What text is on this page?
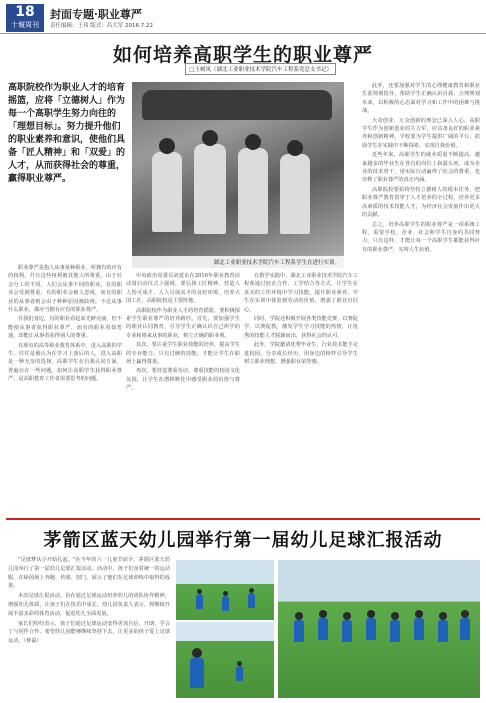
18
十堰周刊
封面专题·职业尊严
责任编辑：王玮 版式：昌大军 2016.7.22
如何培养高职学生的职业尊严
□王树凤（湖北工业职业技术学院汽车工程系党总支书记）

高职院校作为职业人才的培育摇篮，应将「立德树人」作为每一个高职学生努力向往的「理想目标」。努力提升他们的职业素养和意识，使他们具备「匠人精神」和「双爱」的人才，从而获得社会的尊重，赢得职业尊严。

湖北工业职业技术学院汽车工程系学生在进行实训。

职业尊严是指人从事某种职业，所拥有的应有的权利，并且这些权利被其他人所尊重。由于社会分工的不同，人们会从事不同的职业，有的职业会受到尊重，有的职业会被人忽视，而有的职业的从事者则会由于种种原因被歧视。不论从事什么职业，都应当拥有应有的职业尊严。

在我们身边，有的职业看起来光鲜亮丽，但不能使从事者获得职业尊严，而有的职业看似普通，却能让从事者获得别人的尊重。

在现有的高等职业教育体系中，进入高职的学生，往往是被认为在学习上落后的人，进入高职是一种无奈的选择。高职学生在自我认同方面，普遍存在一些问题。如何让高职学生获得职业尊严，是高职教育工作者需要思考的问题。

中央政治局委员刘延东在2016年职业教育活动周启动仪式上强调，要弘扬工匠精神，营造人人皆可成才、人人尽展其才的良好环境。培养大国工匠，高职院校是主要阵地。

高职院校作为职业人才的培育摇篮，要积极探索学生职业尊严的培养路径。首先，要加强学生的职业认同教育，引导学生正确认识自己所学的专业和将来从事的职业，树立正确的职业观。

其次，要注重学生职业技能的培养，提高学生的专业能力。只有过硬的技能，才能让学生在职场上赢得尊重。

再次，要营造尊重劳动、尊重技能的校园文化氛围，让学生在潜移默化中感受职业的价值与尊严。

在教学实践中，湖北工业职业技术学院汽车工程系通过校企合作、工学结合等方式，让学生在真实的工作环境中学习技能，提升职业素养。学生在实训中体验到劳动的价值，增强了职业自信心。

同时，学院还积极开展各类技能竞赛，以赛促学、以赛促教，激发学生学习技能的热情，让优秀的技能人才脱颖而出，获得社会的认可。

此外，学院邀请优秀毕业生、行业技术能手走进校园，分享成长经历，用身边的榜样引导学生树立职业理想，增强职业荣誉感。

此外，还要加强对学生的心理健康教育和职业生涯规划指导，帮助学生正确认识自我，合理规划未来，以积极的心态面对学习和工作中的困难与挑战。

大众创业、万众创新的理念已深入人心。高职学生作为创新创业的主力军，应具备良好的职业素养和创新精神。学校要为学生提供广阔的平台，鼓励学生在实践中不断探索，实现自我价值。

近些年来，高职学生的就业质量不断提高，越来越多的毕业生在各自的岗位上崭露头角，成为企业的技术骨干，用实际行动赢得了社会的尊重，也诠释了职业尊严的真正内涵。

高职院校要始终坚持立德树人的根本任务，把职业尊严教育贯穿于人才培养的全过程，培养更多高素质的技术技能人才，为经济社会发展作出更大的贡献。

总之，培养高职学生的职业尊严是一项系统工程，需要学校、企业、社会和学生自身的共同努力。只有这样，才能让每一个高职学生都能获得应有的职业尊严，实现人生价值。

茅箭区蓝天幼儿园举行第一届幼儿足球汇报活动

"足球梦从小开始扎起。"在今年的六一儿童节前夕，茅箭区蓝天幼儿园举行了第一届幼儿足球汇报活动。活动中，孩子们身着统一的运动服，在绿茵场上奔跑、传球、射门，展示了他们在足球训练中取得的成果。

本次足球汇报活动，旨在通过足球运动培养幼儿的团队协作精神，增强幼儿体质，让孩子们在快乐中成长。幼儿园负责人表示，将继续开展丰富多彩的体育活动，促进幼儿全面发展。

家长们纷纷表示，孩子们通过足球运动变得更加自信、开朗，学会了与同伴合作，希望幼儿园能够继续坚持下去，让更多的孩子爱上足球运动。（钟磊）
